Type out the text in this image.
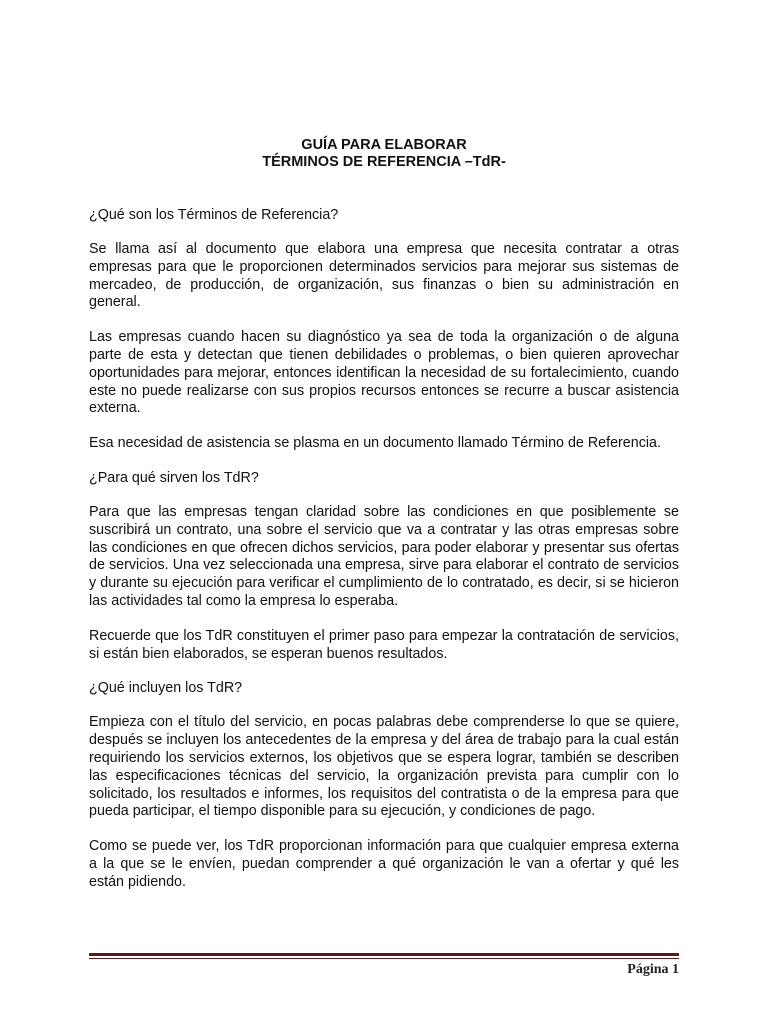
GUÍA PARA ELABORAR

TÉRMINOS DE REFERENCIA –TdR-

¿Qué son los Términos de Referencia?

Se llama así al documento que elabora una empresa que necesita contratar a otras empresas para que le proporcionen determinados servicios para mejorar sus sistemas de mercadeo, de producción, de organización, sus finanzas o bien su administración en general.

Las empresas cuando hacen su diagnóstico ya sea de toda la organización o de alguna parte de esta y detectan que tienen debilidades o problemas, o bien quieren aprovechar oportunidades para mejorar, entonces identifican la necesidad de su fortalecimiento, cuando este no puede realizarse con sus propios recursos entonces se recurre a buscar asistencia externa.

Esa necesidad de asistencia se plasma en un documento llamado Término de Referencia.

¿Para qué sirven los TdR?

Para que las empresas tengan claridad sobre las condiciones en que posiblemente se suscribirá un contrato, una sobre el servicio que va a contratar y las otras empresas sobre las condiciones en que ofrecen dichos servicios, para poder elaborar y presentar sus ofertas de servicios. Una vez seleccionada una empresa, sirve para elaborar el contrato de servicios y durante su ejecución para verificar el cumplimiento de lo contratado, es decir, si se hicieron las actividades tal como la empresa lo esperaba.

Recuerde que los TdR constituyen el primer paso para empezar la contratación de servicios, si están bien elaborados, se esperan buenos resultados.

¿Qué incluyen los TdR?

Empieza con el título del servicio, en pocas palabras debe comprenderse lo que se quiere, después se incluyen los antecedentes de la empresa y del área de trabajo para la cual están requiriendo los servicios externos, los objetivos que se espera lograr, también se describen las especificaciones técnicas del servicio, la organización prevista para cumplir con lo solicitado, los resultados e informes, los requisitos del contratista o de la empresa para que pueda participar, el tiempo disponible para su ejecución, y condiciones de pago.

Como se puede ver, los TdR proporcionan información para que cualquier empresa externa a la que se le envíen, puedan comprender a qué organización le van a ofertar y qué les están pidiendo.

Página 1
